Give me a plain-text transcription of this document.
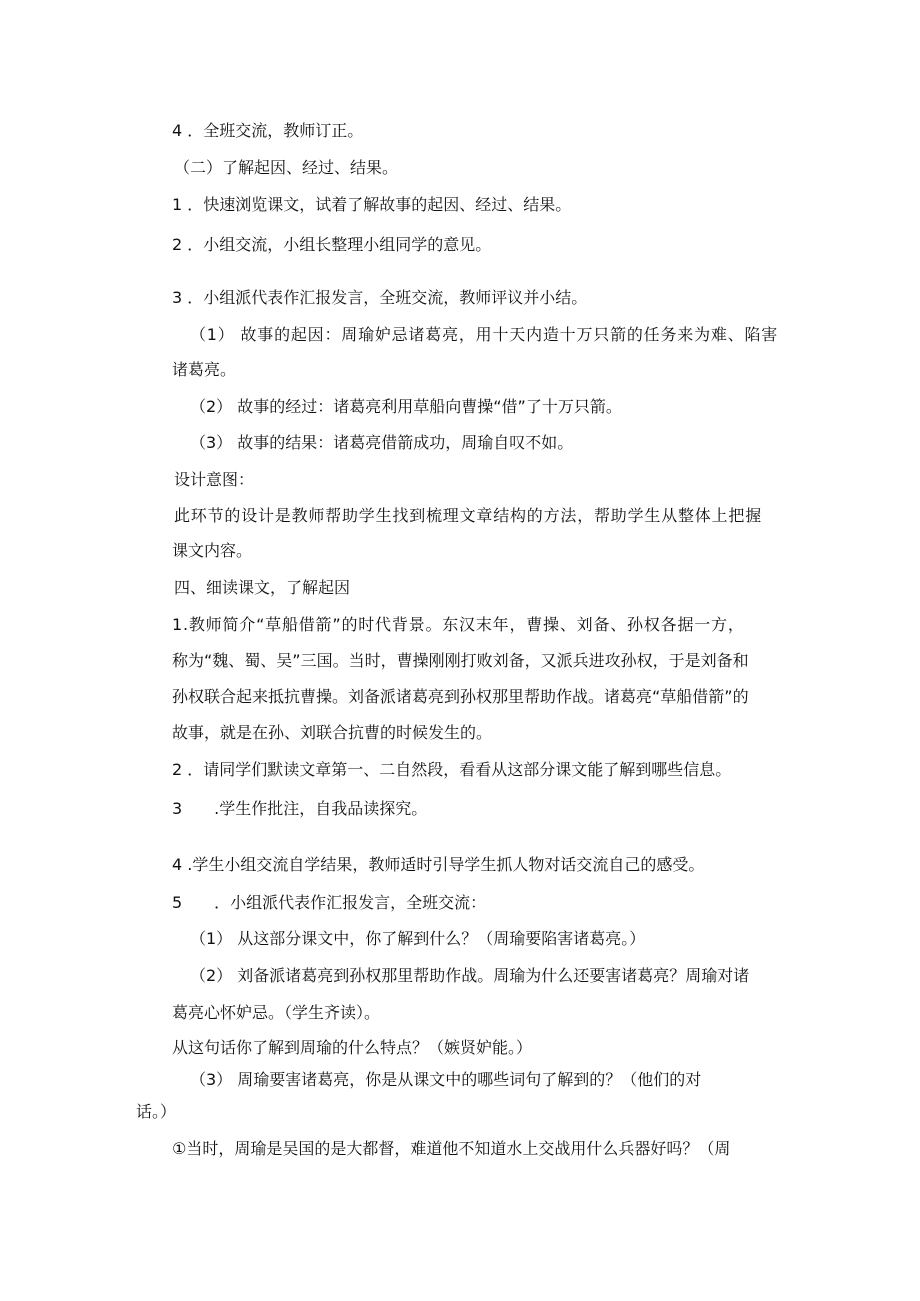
4 ．全班交流，教师订正。
（二）了解起因、经过、结果。
1 ．快速浏览课文，试着了解故事的起因、经过、结果。
2 ．小组交流，小组长整理小组同学的意见。
3 ．小组派代表作汇报发言，全班交流，教师评议并小结。
（1） 故事的起因：周瑜妒忌诸葛亮，用十天内造十万只箭的任务来为难、陷害
诸葛亮。
（2） 故事的经过：诸葛亮利用草船向曹操“借”了十万只箭。
（3） 故事的结果：诸葛亮借箭成功，周瑜自叹不如。
设计意图：
此环节的设计是教师帮助学生找到梳理文章结构的方法，帮助学生从整体上把握
课文内容。
四、细读课文，了解起因
1.教师简介“草船借箭”的时代背景。东汉末年，曹操、刘备、孙权各据一方，
称为“魏、蜀、吴”三国。当时，曹操刚刚打败刘备，又派兵进攻孙权，于是刘备和
孙权联合起来抵抗曹操。刘备派诸葛亮到孙权那里帮助作战。诸葛亮“草船借箭”的
故事，就是在孙、刘联合抗曹的时候发生的。
2 ．请同学们默读文章第一、二自然段，看看从这部分课文能了解到哪些信息。
3　　.学生作批注，自我品读探究。
4 .学生小组交流自学结果，教师适时引导学生抓人物对话交流自己的感受。
5　　．小组派代表作汇报发言，全班交流：
（1） 从这部分课文中，你了解到什么？（周瑜要陷害诸葛亮。）
（2） 刘备派诸葛亮到孙权那里帮助作战。周瑜为什么还要害诸葛亮？周瑜对诸
葛亮心怀妒忌。（学生齐读）。
从这句话你了解到周瑜的什么特点？（嫉贤妒能。）
（3） 周瑜要害诸葛亮，你是从课文中的哪些词句了解到的？（他们的对
话。）
①当时，周瑜是吴国的是大都督，难道他不知道水上交战用什么兵器好吗？（周
